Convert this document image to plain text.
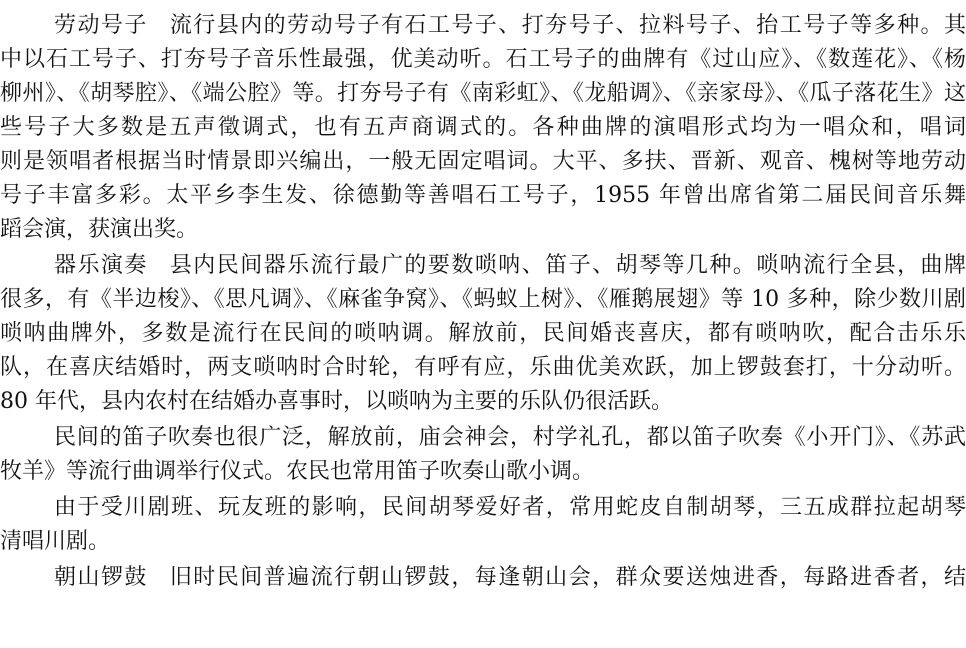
劳动号子 流行县内的劳动号子有石工号子、打夯号子、拉料号子、抬工号子等多种。其
中以石工号子、打夯号子音乐性最强，优美动听。石工号子的曲牌有《过山应》、《数莲花》、《杨
柳州》、《胡琴腔》、《端公腔》等。打夯号子有《南彩虹》、《龙船调》、《亲家母》、《瓜子落花生》这
些号子大多数是五声徵调式，也有五声商调式的。各种曲牌的演唱形式均为一唱众和，唱词
则是领唱者根据当时情景即兴编出，一般无固定唱词。大平、多扶、晋新、观音、槐树等地劳动
号子丰富多彩。太平乡李生发、徐德勤等善唱石工号子，1955 年曾出席省第二届民间音乐舞
蹈会演，获演出奖。
器乐演奏 县内民间器乐流行最广的要数唢呐、笛子、胡琴等几种。唢呐流行全县，曲牌
很多，有《半边梭》、《思凡调》、《麻雀争窝》、《蚂蚁上树》、《雁鹅展翅》等 10 多种，除少数川剧
唢呐曲牌外，多数是流行在民间的唢呐调。解放前，民间婚丧喜庆，都有唢呐吹，配合击乐乐
队，在喜庆结婚时，两支唢呐时合时轮，有呼有应，乐曲优美欢跃，加上锣鼓套打，十分动听。
80 年代，县内农村在结婚办喜事时，以唢呐为主要的乐队仍很活跃。
民间的笛子吹奏也很广泛，解放前，庙会神会，村学礼孔，都以笛子吹奏《小开门》、《苏武
牧羊》等流行曲调举行仪式。农民也常用笛子吹奏山歌小调。
由于受川剧班、玩友班的影响，民间胡琴爱好者，常用蛇皮自制胡琴，三五成群拉起胡琴
清唱川剧。
朝山锣鼓 旧时民间普遍流行朝山锣鼓，每逢朝山会，群众要送烛进香，每路进香者，结
